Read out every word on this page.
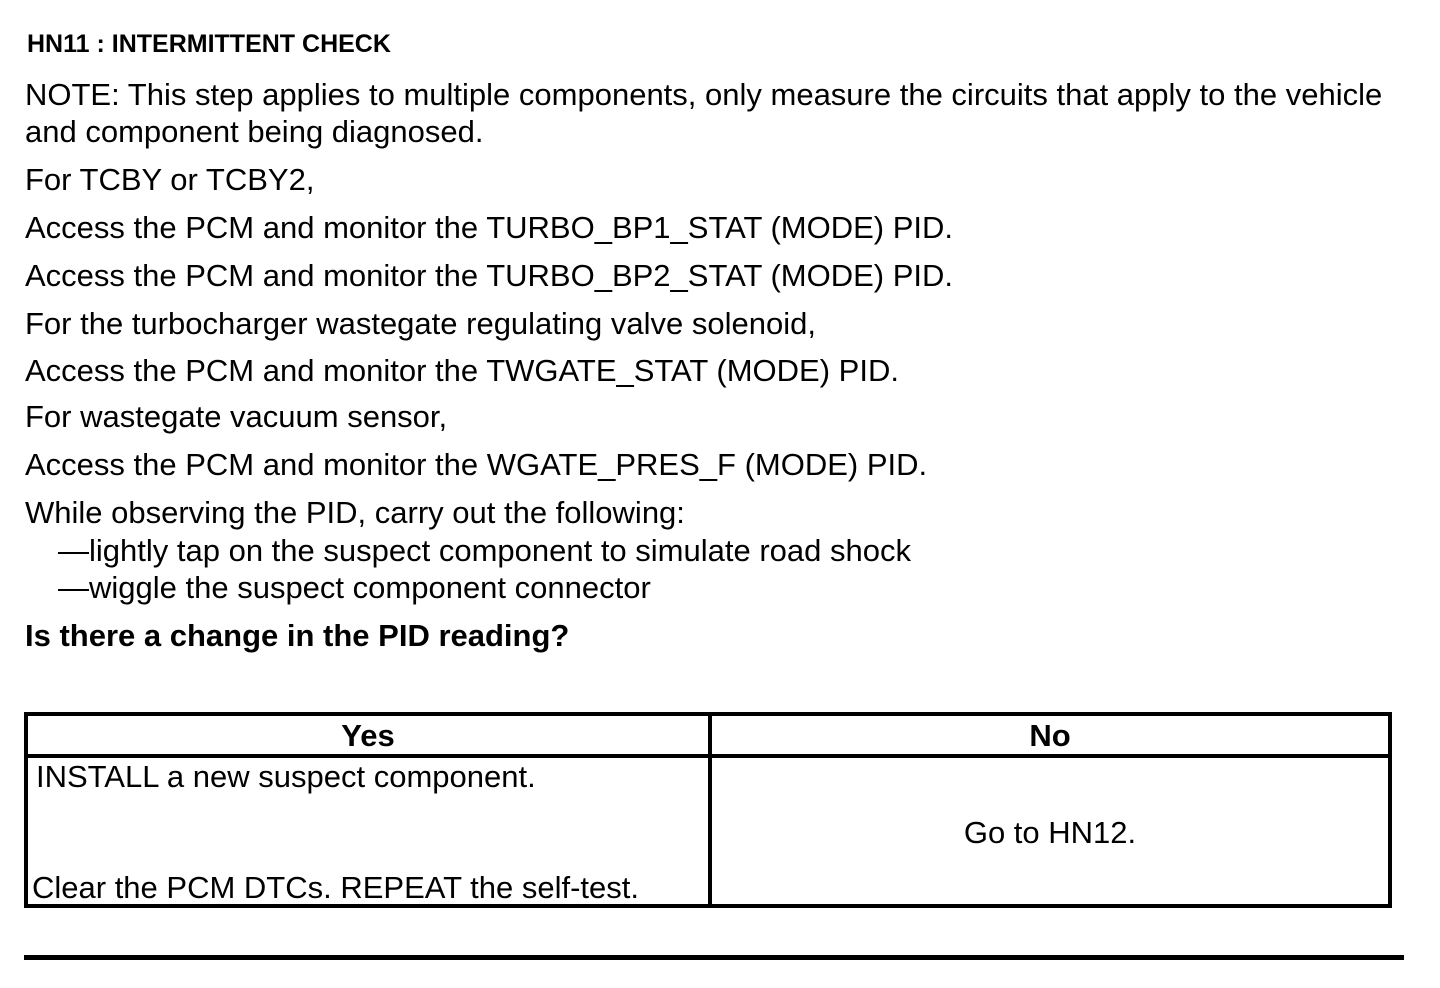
HN11 : INTERMITTENT CHECK
NOTE: This step applies to multiple components, only measure the circuits that apply to the vehicle and component being diagnosed.
For TCBY or TCBY2,
Access the PCM and monitor the TURBO_BP1_STAT (MODE) PID.
Access the PCM and monitor the TURBO_BP2_STAT (MODE) PID.
For the turbocharger wastegate regulating valve solenoid,
Access the PCM and monitor the TWGATE_STAT (MODE) PID.
For wastegate vacuum sensor,
Access the PCM and monitor the WGATE_PRES_F (MODE) PID.
While observing the PID, carry out the following:
—lightly tap on the suspect component to simulate road shock
—wiggle the suspect component connector
Is there a change in the PID reading?
Yes	No
INSTALL a new suspect component.
Clear the PCM DTCs. REPEAT the self-test.
Go to HN12.
